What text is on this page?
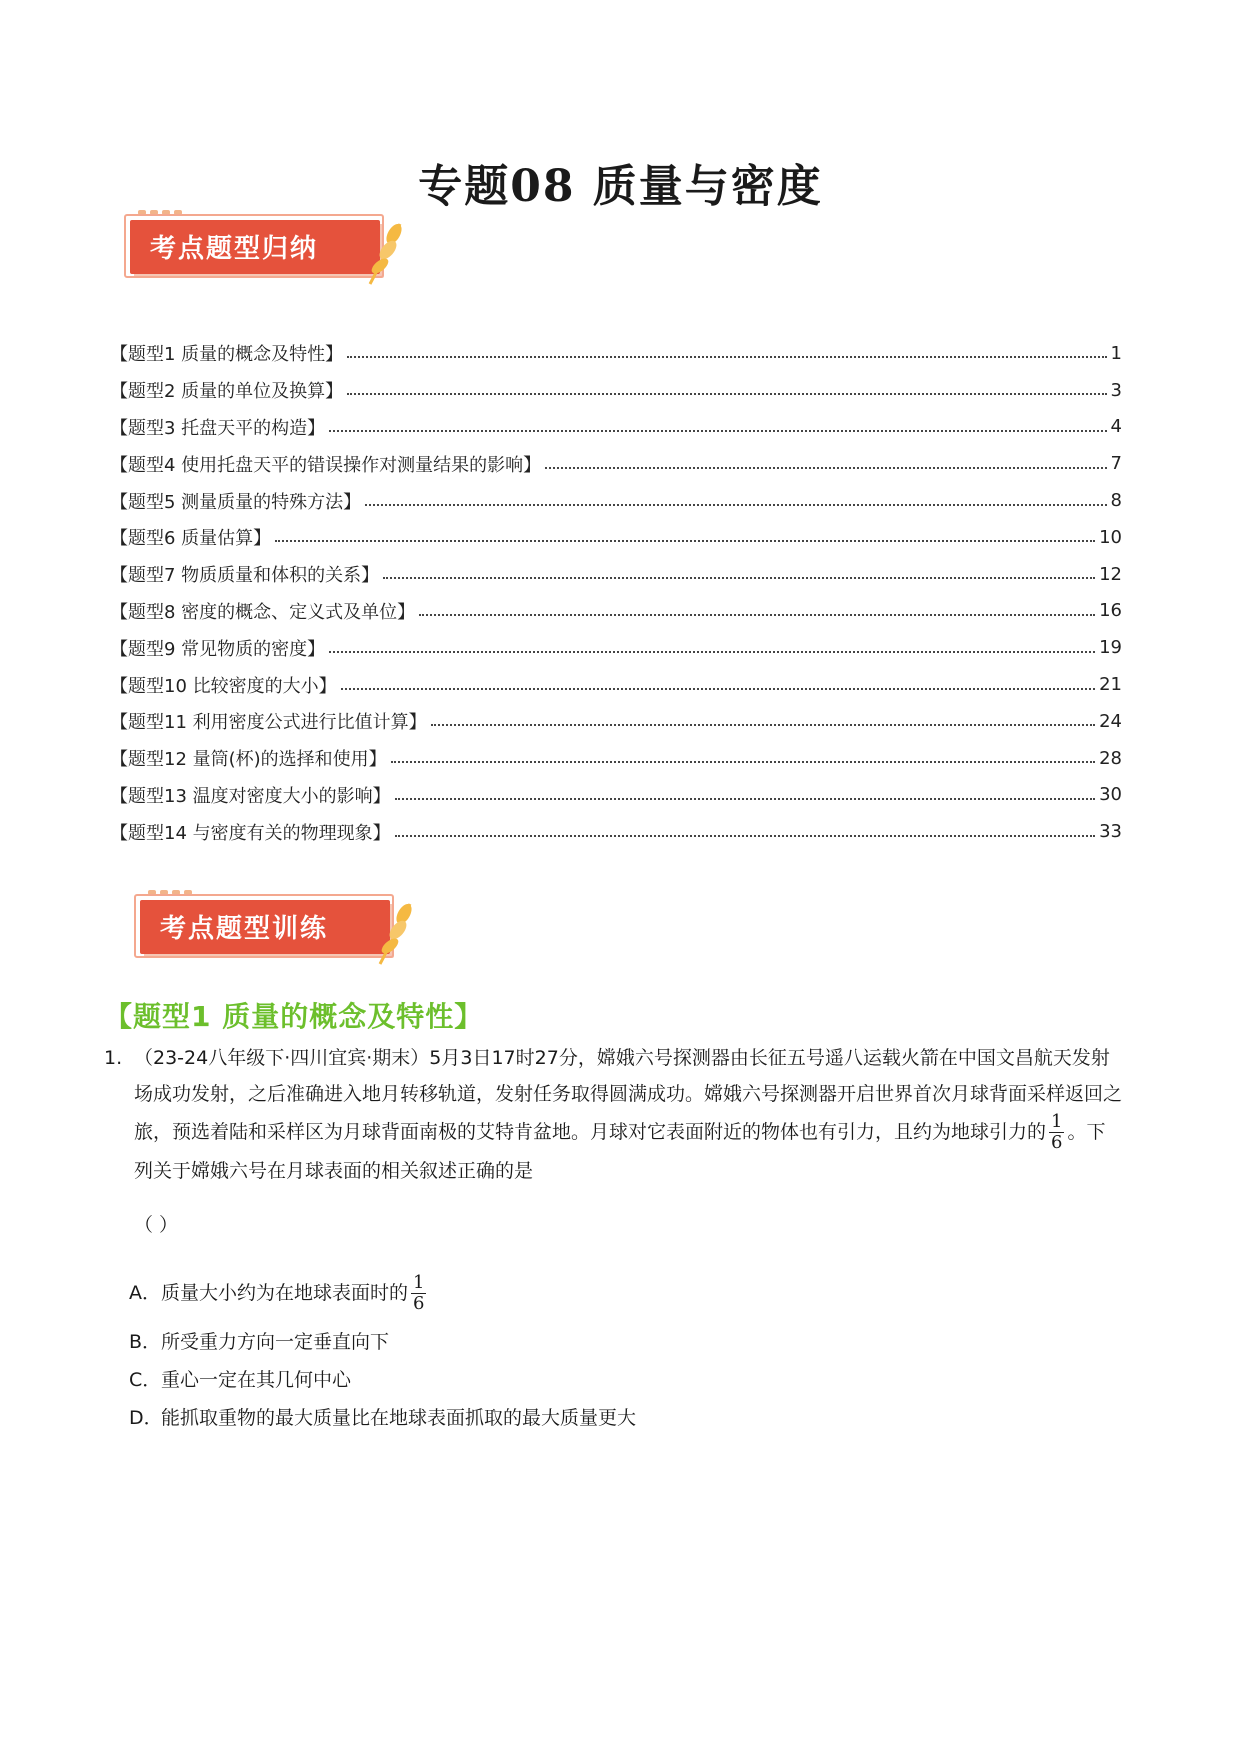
专题08 质量与密度
考点题型归纳
【题型1 质量的概念及特性】	1
【题型2 质量的单位及换算】	3
【题型3 托盘天平的构造】	4
【题型4 使用托盘天平的错误操作对测量结果的影响】	7
【题型5 测量质量的特殊方法】	8
【题型6 质量估算】	10
【题型7 物质质量和体积的关系】	12
【题型8 密度的概念、定义式及单位】	16
【题型9 常见物质的密度】	19
【题型10 比较密度的大小】	21
【题型11 利用密度公式进行比值计算】	24
【题型12 量筒(杯)的选择和使用】	28
【题型13 温度对密度大小的影响】	30
【题型14 与密度有关的物理现象】	33
考点题型训练
【题型1 质量的概念及特性】
1. （23-24八年级下·四川宜宾·期末）5月3日17时27分，嫦娥六号探测器由长征五号遥八运载火箭在中国文昌航天发射场成功发射，之后准确进入地月转移轨道，发射任务取得圆满成功。嫦娥六号探测器开启世界首次月球背面采样返回之旅，预选着陆和采样区为月球背面南极的艾特肯盆地。月球对它表面附近的物体也有引力，且约为地球引力的 $\frac{1}{6}$ 。下列关于嫦娥六号在月球表面的相关叙述正确的是
（ ）
A． 质量大小约为在地球表面时的 $\frac{1}{6}$
B． 所受重力方向一定垂直向下
C． 重心一定在其几何中心
D．
能抓取重物的最大质量比在地球表面抓取的最大质量更大
